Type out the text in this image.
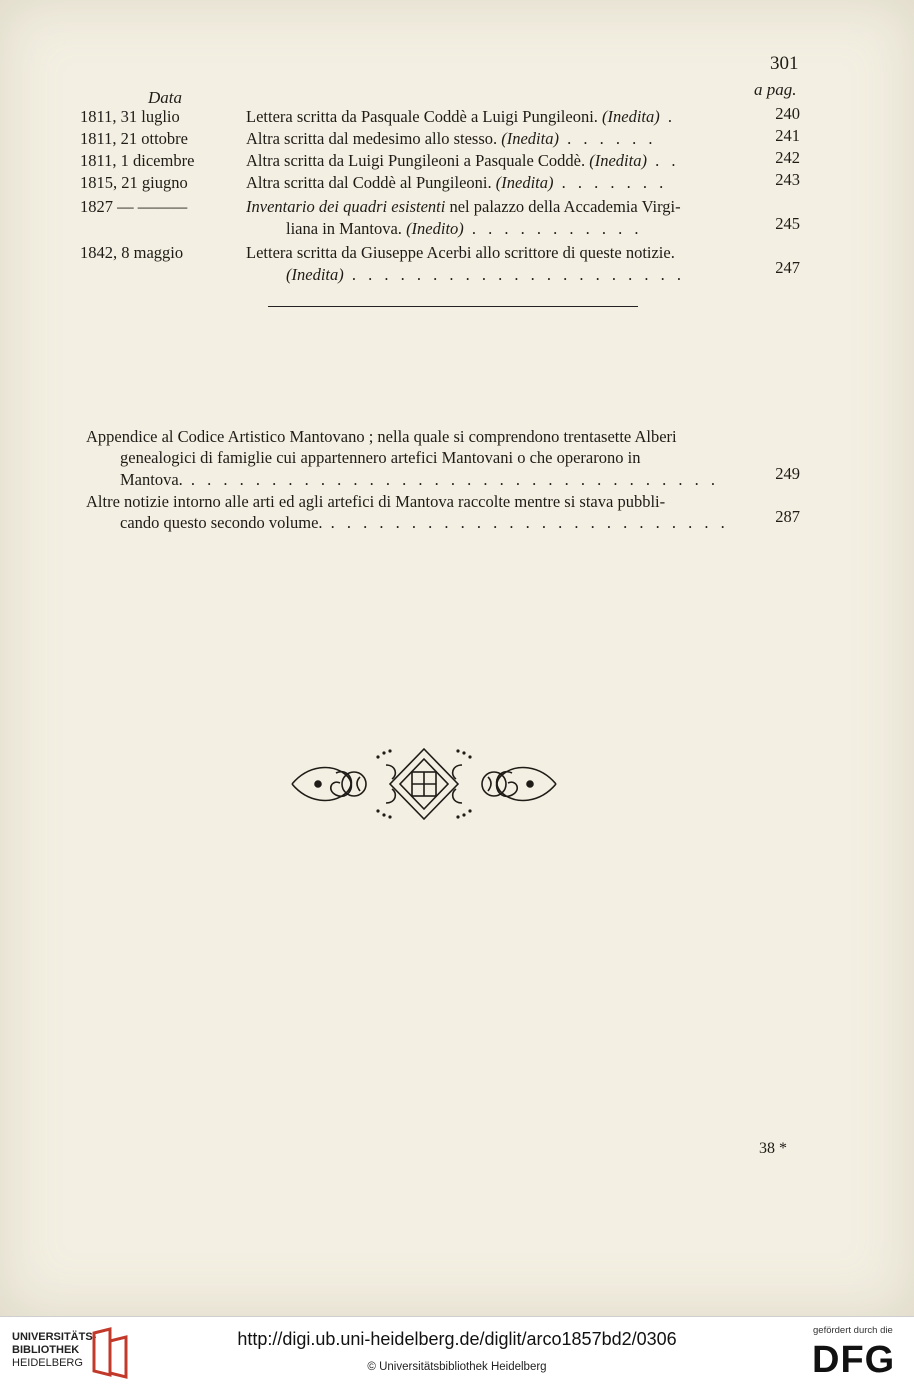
301
Data	a pag.
1811, 31 luglio	Lettera scritta da Pasquale Coddè a Luigi Pungileoni. (Inedita) .	240
1811, 21 ottobre	Altra scritta dal medesimo allo stesso. (Inedita) . . . . . .	241
1811, 1 dicembre	Altra scritta da Luigi Pungileoni a Pasquale Coddè. (Inedita) . .	242
1815, 21 giugno	Altra scritta dal Coddè al Pungileoni. (Inedita) . . . . . . .	243
1827 — ———	Inventario dei quadri esistenti nel palazzo della Accademia Virgi-
liana in Mantova. (Inedito) . . . . . . . . . . .	245
1842, 8 maggio	Lettera scritta da Giuseppe Acerbi allo scrittore di queste notizie.
(Inedita) . . . . . . . . . . . . . . . . . . . . .	247
Appendice al Codice Artistico Mantovano ; nella quale si comprendono trentasette Alberi
genealogici di famiglie cui appartennero artefici Mantovani o che operarono in
Mantova. . . . . . . . . . . . . . . . . . . . . . . . . . . . . . . . . .	249
Altre notizie intorno alle arti ed agli artefici di Mantova raccolte mentre si stava pubbli-
cando questo secondo volume. . . . . . . . . . . . . . . . . . . . . . . . . .	287
38 *
UNIVERSITÄTS-
BIBLIOTHEK
HEIDELBERG
http://digi.ub.uni-heidelberg.de/diglit/arco1857bd2/0306
© Universitätsbibliothek Heidelberg
gefördert durch die
DFG
